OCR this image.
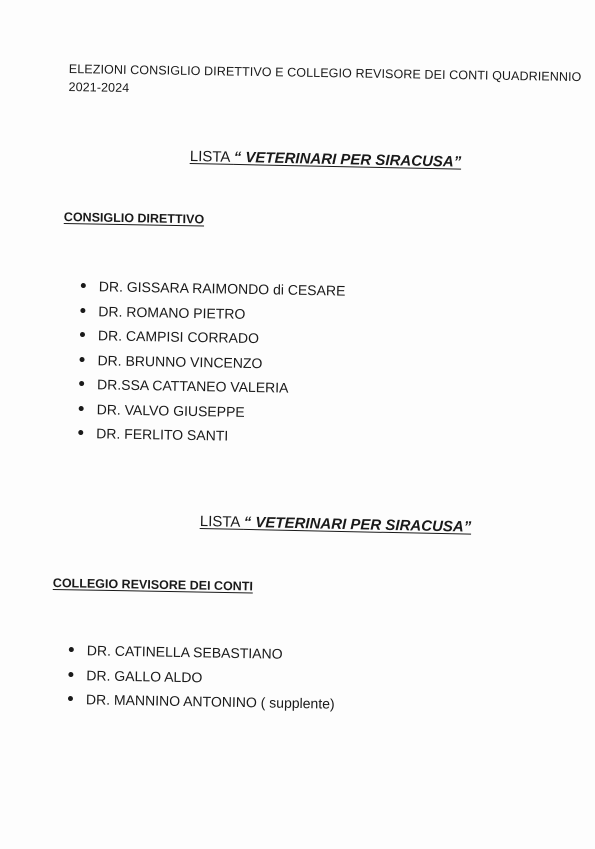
ELEZIONI CONSIGLIO DIRETTIVO E COLLEGIO REVISORE DEI CONTI QUADRIENNIO
2021-2024
LISTA “ VETERINARI PER SIRACUSA”
CONSIGLIO DIRETTIVO
DR. GISSARA RAIMONDO di CESARE
DR. ROMANO PIETRO
DR. CAMPISI CORRADO
DR. BRUNNO VINCENZO
DR.SSA CATTANEO VALERIA
DR. VALVO GIUSEPPE
DR. FERLITO SANTI
LISTA “ VETERINARI PER SIRACUSA”
COLLEGIO REVISORE DEI CONTI
DR. CATINELLA SEBASTIANO
DR. GALLO ALDO
DR. MANNINO ANTONINO ( supplente)
